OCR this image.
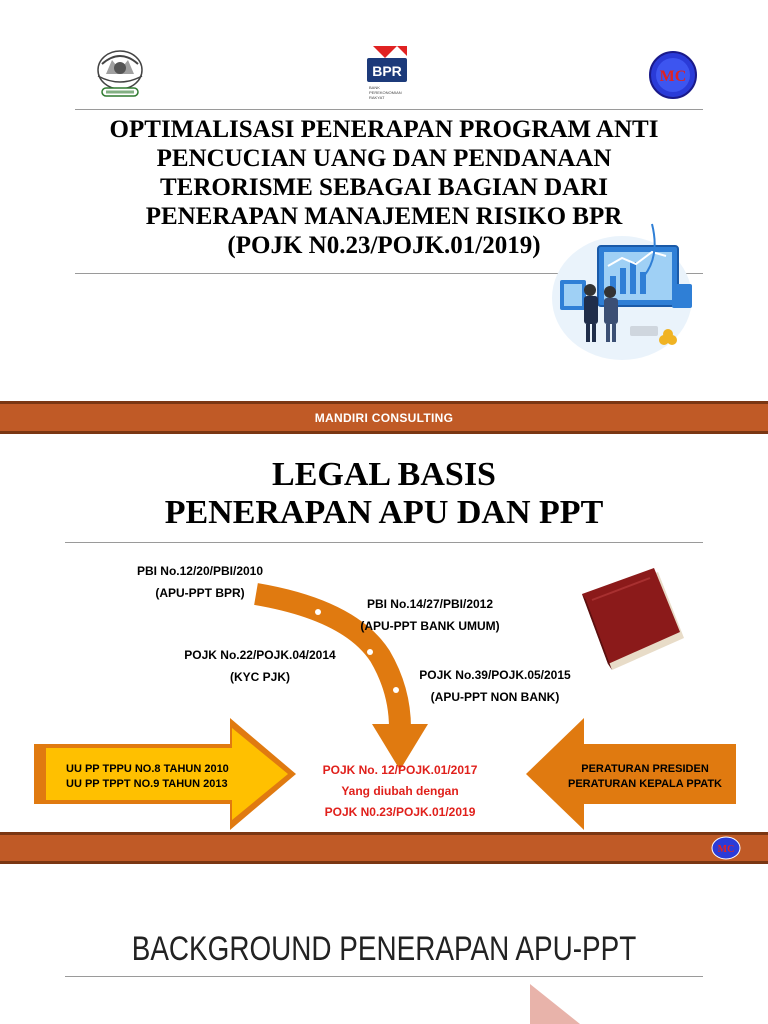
BPR
BANK
PEREKONOMIAN
RAKYAT
MC
OPTIMALISASI PENERAPAN PROGRAM ANTI
PENCUCIAN UANG DAN PENDANAAN
TERORISME SEBAGAI BAGIAN DARI
PENERAPAN MANAJEMEN RISIKO BPR
(POJK N0.23/POJK.01/2019)
MANDIRI CONSULTING
LEGAL BASIS
PENERAPAN APU DAN PPT
PBI No.12/20/PBI/2010
(APU-PPT BPR)
PBI No.14/27/PBI/2012
(APU-PPT BANK UMUM)
POJK No.22/POJK.04/2014
(KYC PJK)	POJK No.39/POJK.05/2015
(APU-PPT NON BANK)
UU PP TPPU NO.8 TAHUN 2010
UU PP TPPT NO.9 TAHUN 2013
PERATURAN PRESIDEN
PERATURAN KEPALA PPATK
POJK No. 12/POJK.01/2017
Yang diubah dengan
POJK N0.23/POJK.01/2019
MC
BACKGROUND PENERAPAN APU-PPT
